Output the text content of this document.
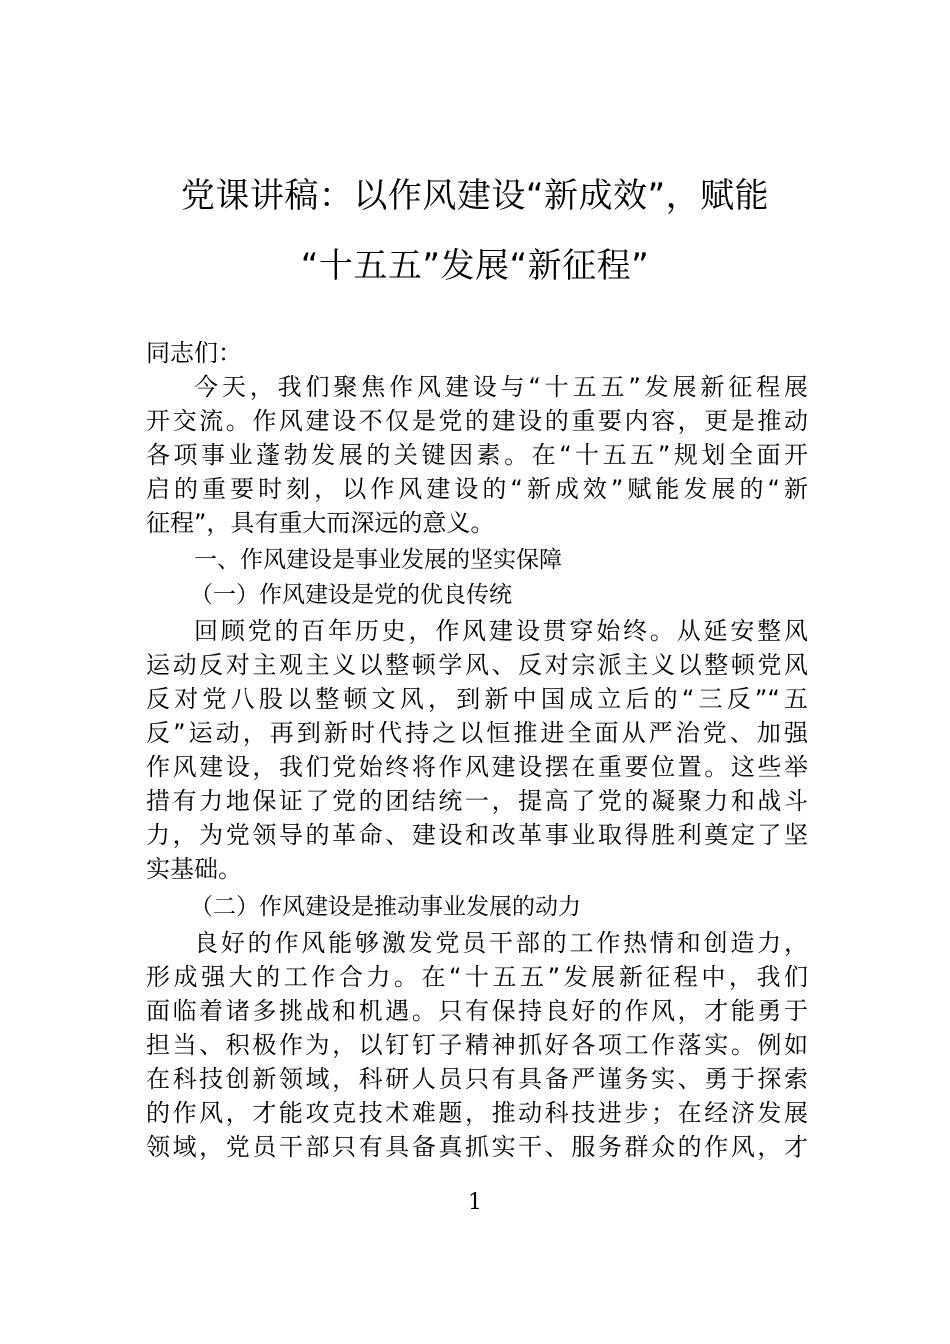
党课讲稿：以作风建设“新成效”，赋能
“十五五”发展“新征程”
同志们：
今天，我们聚焦作风建设与“十五五”发展新征程展
开交流。作风建设不仅是党的建设的重要内容，更是推动
各项事业蓬勃发展的关键因素。在“十五五”规划全面开
启的重要时刻，以作风建设的“新成效”赋能发展的“新
征程”，具有重大而深远的意义。
一、作风建设是事业发展的坚实保障
（一）作风建设是党的优良传统
回顾党的百年历史，作风建设贯穿始终。从延安整风
运动反对主观主义以整顿学风、反对宗派主义以整顿党风
反对党八股以整顿文风，到新中国成立后的“三反”“五
反”运动，再到新时代持之以恒推进全面从严治党、加强
作风建设，我们党始终将作风建设摆在重要位置。这些举
措有力地保证了党的团结统一，提高了党的凝聚力和战斗
力，为党领导的革命、建设和改革事业取得胜利奠定了坚
实基础。
（二）作风建设是推动事业发展的动力
良好的作风能够激发党员干部的工作热情和创造力，
形成强大的工作合力。在“十五五”发展新征程中，我们
面临着诸多挑战和机遇。只有保持良好的作风，才能勇于
担当、积极作为，以钉钉子精神抓好各项工作落实。例如
在科技创新领域，科研人员只有具备严谨务实、勇于探索
的作风，才能攻克技术难题，推动科技进步；在经济发展
领域，党员干部只有具备真抓实干、服务群众的作风，才
1
